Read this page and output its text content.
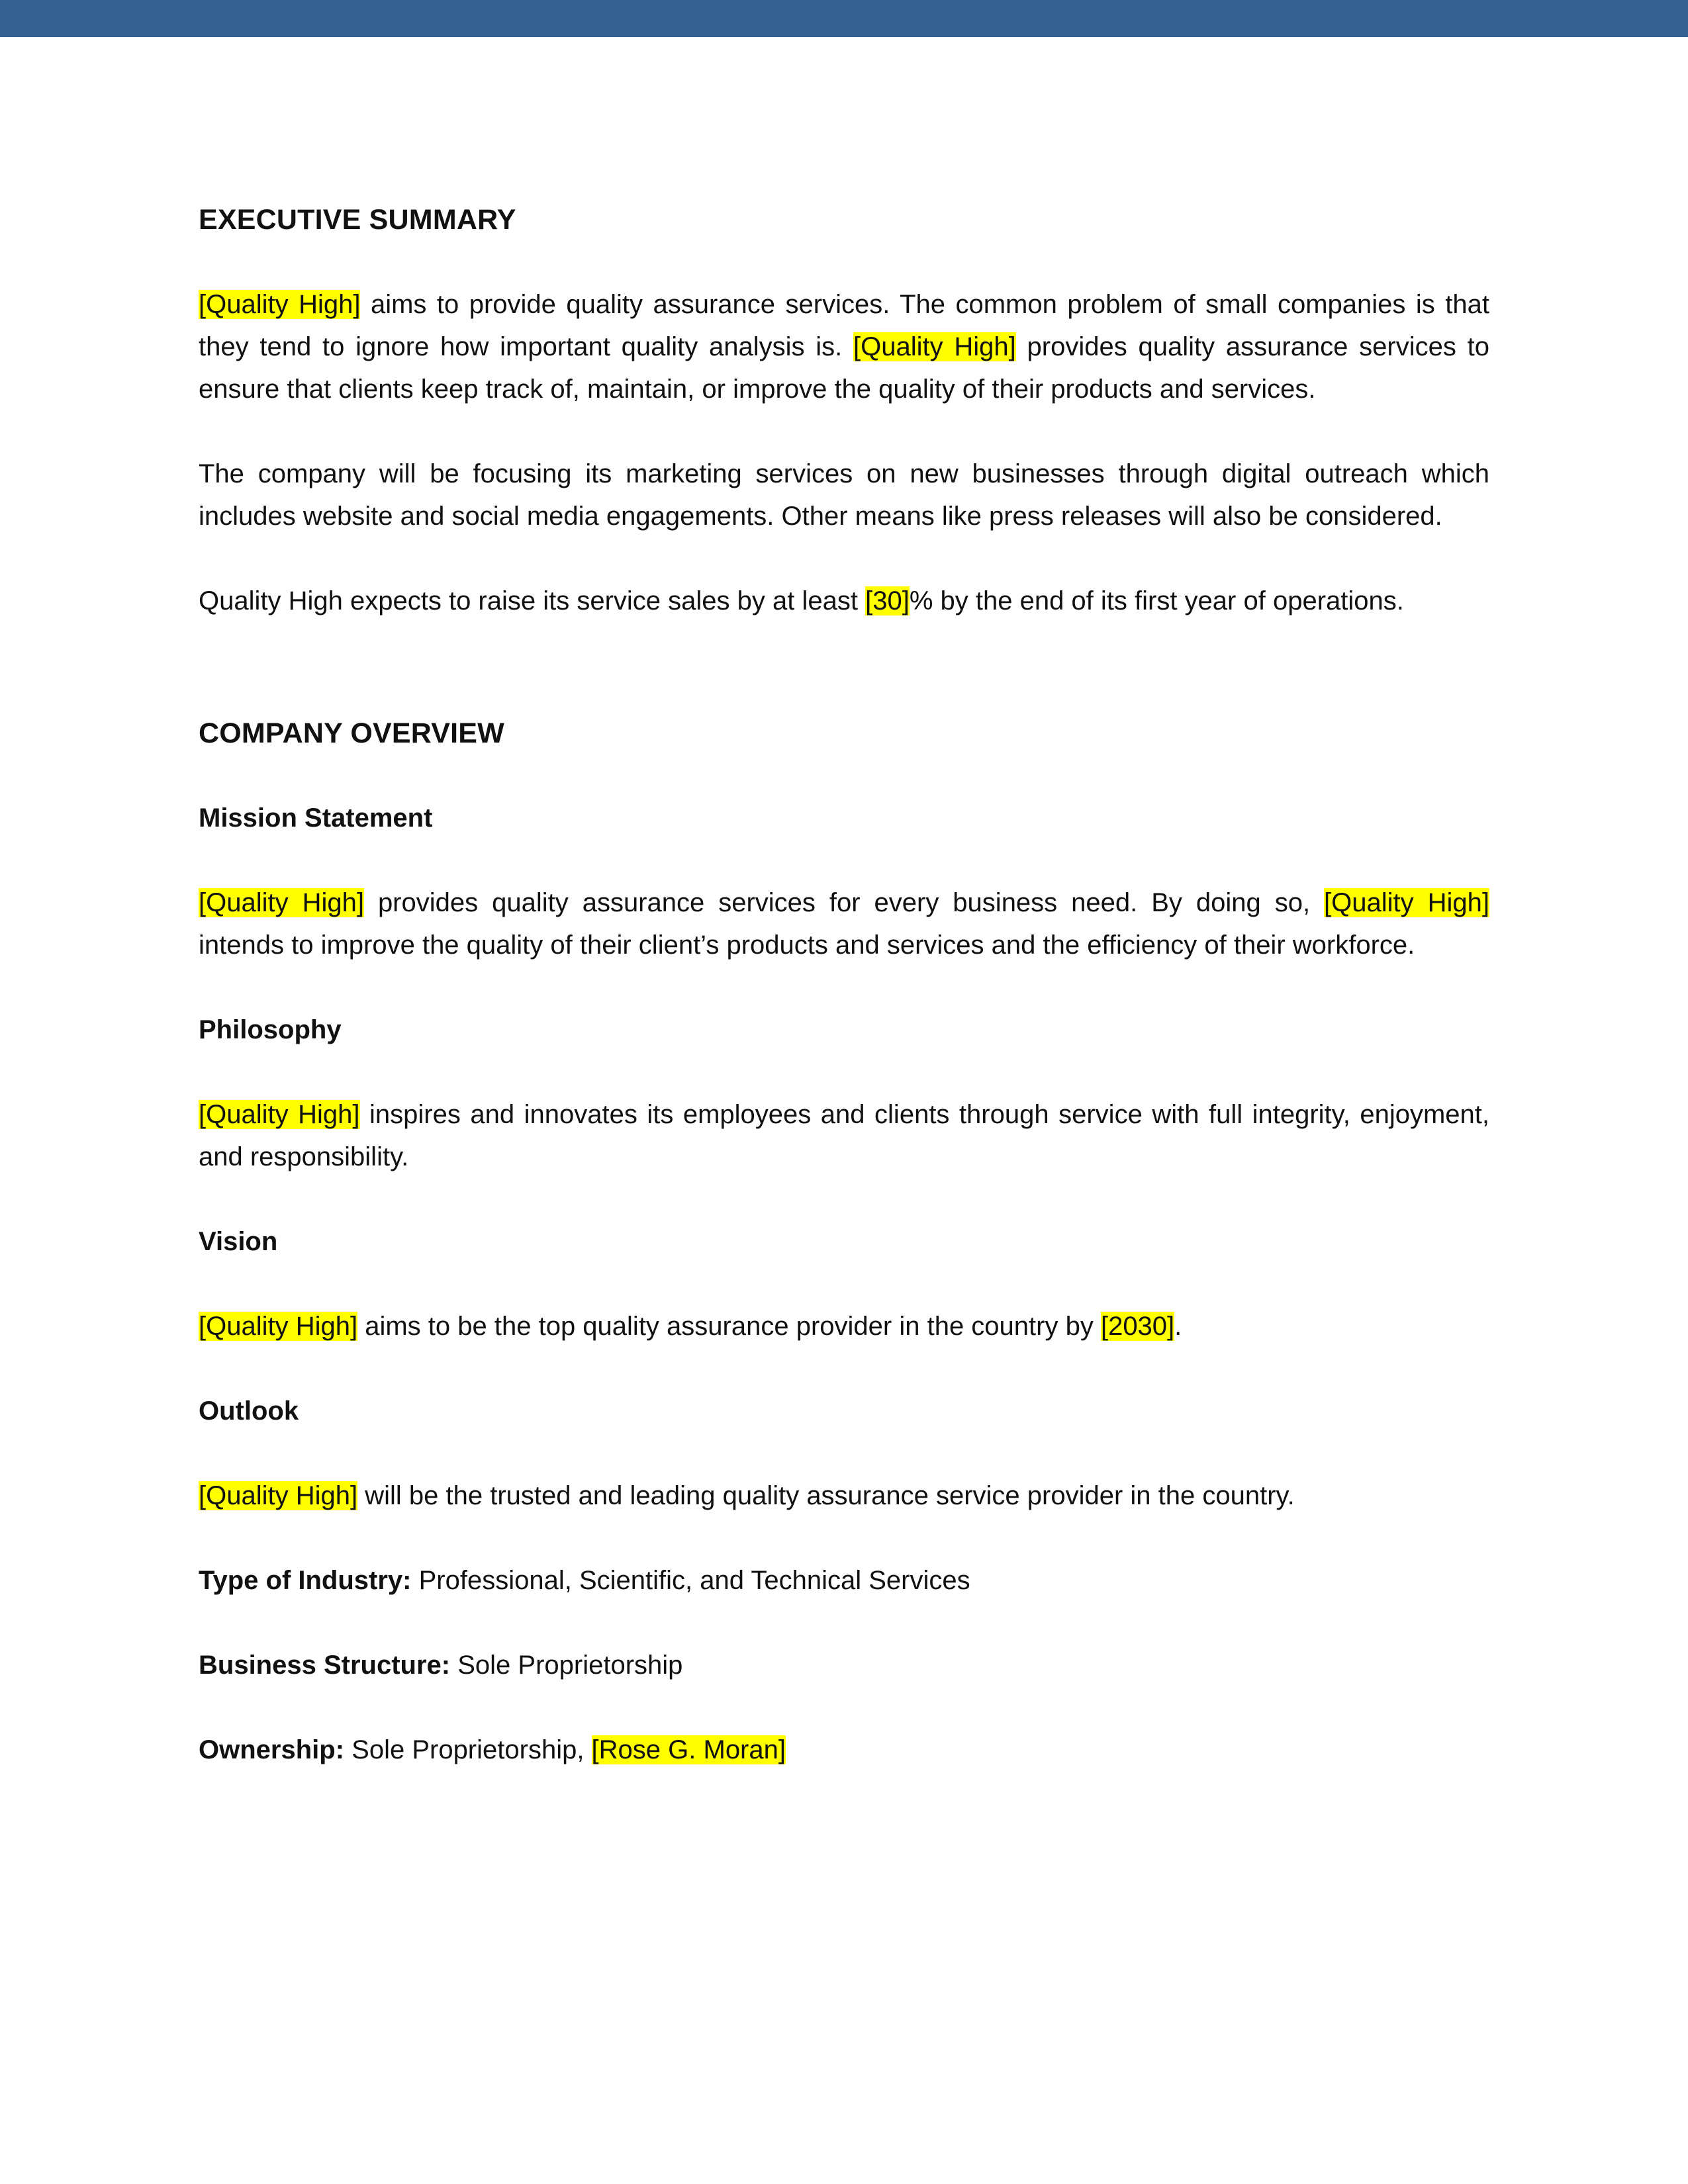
EXECUTIVE SUMMARY
[Quality High] aims to provide quality assurance services. The common problem of small companies is that they tend to ignore how important quality analysis is. [Quality High] provides quality assurance services to ensure that clients keep track of, maintain, or improve the quality of their products and services.
The company will be focusing its marketing services on new businesses through digital outreach which includes website and social media engagements. Other means like press releases will also be considered.
Quality High expects to raise its service sales by at least [30]% by the end of its first year of operations.
COMPANY OVERVIEW
Mission Statement
[Quality High] provides quality assurance services for every business need. By doing so, [Quality High] intends to improve the quality of their client’s products and services and the efficiency of their workforce.
Philosophy
[Quality High] inspires and innovates its employees and clients through service with full integrity, enjoyment, and responsibility.
Vision
[Quality High] aims to be the top quality assurance provider in the country by [2030].
Outlook
[Quality High] will be the trusted and leading quality assurance service provider in the country.
Type of Industry: Professional, Scientific, and Technical Services
Business Structure: Sole Proprietorship
Ownership: Sole Proprietorship, [Rose G. Moran]
